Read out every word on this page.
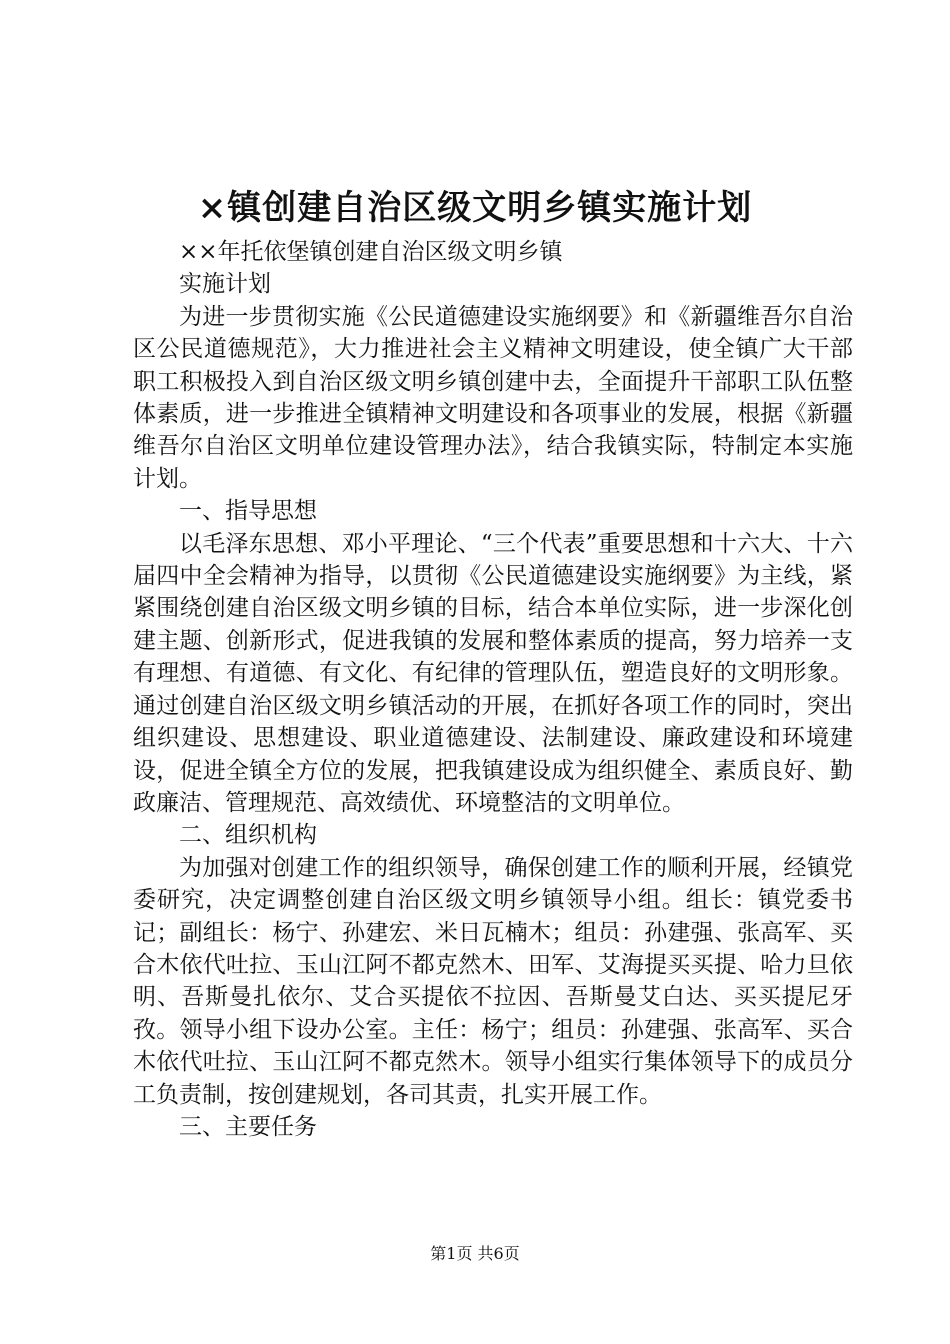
×镇创建自治区级文明乡镇实施计划

××年托依堡镇创建自治区级文明乡镇

实施计划

为进一步贯彻实施《公民道德建设实施纲要》和《新疆维吾尔自治区公民道德规范》，大力推进社会主义精神文明建设，使全镇广大干部职工积极投入到自治区级文明乡镇创建中去，全面提升干部职工队伍整体素质，进一步推进全镇精神文明建设和各项事业的发展，根据《新疆维吾尔自治区文明单位建设管理办法》，结合我镇实际，特制定本实施计划。

一、指导思想

以毛泽东思想、邓小平理论、“三个代表”重要思想和十六大、十六届四中全会精神为指导，以贯彻《公民道德建设实施纲要》为主线，紧紧围绕创建自治区级文明乡镇的目标，结合本单位实际，进一步深化创建主题、创新形式，促进我镇的发展和整体素质的提高，努力培养一支有理想、有道德、有文化、有纪律的管理队伍，塑造良好的文明形象。通过创建自治区级文明乡镇活动的开展，在抓好各项工作的同时，突出组织建设、思想建设、职业道德建设、法制建设、廉政建设和环境建设，促进全镇全方位的发展，把我镇建设成为组织健全、素质良好、勤政廉洁、管理规范、高效绩优、环境整洁的文明单位。

二、组织机构

为加强对创建工作的组织领导，确保创建工作的顺利开展，经镇党委研究，决定调整创建自治区级文明乡镇领导小组。组长：镇党委书记；副组长：杨宁、孙建宏、米日瓦楠木；组员：孙建强、张高军、买合木依代吐拉、玉山江阿不都克然木、田军、艾海提买买提、哈力旦依明、吾斯曼扎依尔、艾合买提依不拉因、吾斯曼艾白达、买买提尼牙孜。领导小组下设办公室。主任：杨宁；组员：孙建强、张高军、买合木依代吐拉、玉山江阿不都克然木。领导小组实行集体领导下的成员分工负责制，按创建规划，各司其责，扎实开展工作。

三、主要任务

第1页 共6页
